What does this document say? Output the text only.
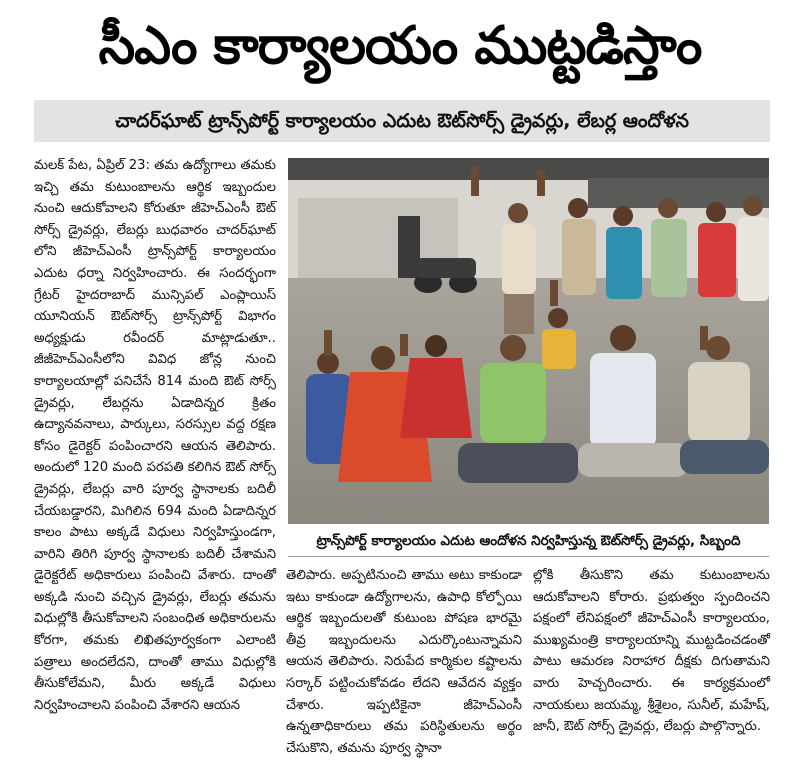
సీఎం కార్యాలయం ముట్టడిస్తాం
చాదర్‌ఘాట్ ట్రాన్స్‌పోర్ట్ కార్యాలయం ఎదుట ఔట్‌సోర్స్ డ్రైవర్లు, లేబర్ల ఆందోళన

మలక్ పేట, ఏప్రిల్ 23: తమ ఉద్యోగాలు తమకు ఇచ్చి తమ కుటుంబాలను ఆర్థిక ఇబ్బందుల నుంచి ఆదుకోవాలని కోరుతూ జీహెచ్ఎంసీ ఔట్ సోర్స్ డ్రైవర్లు, లేబర్లు బుధవారం చాదర్‌ఘాట్ లోని జీహెచ్ఎంసీ ట్రాన్స్‌పోర్ట్ కార్యాలయం ఎదుట ధర్నా నిర్వహించారు. ఈ సందర్భంగా గ్రేటర్ హైదరాబాద్ మున్సిపల్ ఎంప్లాయిస్ యూనియన్ ఔట్‌సోర్స్ ట్రాన్స్‌పోర్ట్ విభాగం అధ్యక్షుడు రవీందర్ మాట్లాడుతూ.. జీజీహెచ్ఎంసీలోని వివిధ జోన్ల నుంచి కార్యాలయాల్లో పనిచేసే 814 మంది ఔట్ సోర్స్ డ్రైవర్లు, లేబర్లను ఏడాదిన్నర క్రితం ఉద్యానవనాలు, పార్కులు, సరస్సుల వద్ద రక్షణ కోసం డైరెక్టర్ పంపించారని ఆయన తెలిపారు. అందులో 120 మంది పరపతి కలిగిన ఔట్ సోర్స్ డ్రైవర్లు, లేబర్లు వారి పూర్వ స్థానాలకు బదిలీ చేయబడ్డారని, మిగిలిన 694 మంది ఏడాదిన్నర కాలం పాటు అక్కడే విధులు నిర్వహిస్తుండగా, వారిని తిరిగి పూర్వ స్థానాలకు బదిలీ చేశామని డైరెక్టరేట్ అధికారులు పంపించి వేశారు. దాంతో అక్కడి నుంచి వచ్చిన డ్రైవర్లు, లేబర్లు తమను విధుల్లోకి తీసుకోవాలని సంబంధిత అధికారులను కోరగా, తమకు లిఖితపూర్వకంగా ఎలాంటి పత్రాలు అందలేదని, దాంతో తాము విధుల్లోకి తీసుకోలేమని, మీరు అక్కడే విధులు నిర్వహించాలని పంపించి వేశారని ఆయన

ట్రాన్స్‌పోర్ట్ కార్యాలయం ఎదుట ఆందోళన నిర్వహిస్తున్న ఔట్‌సోర్స్ డ్రైవర్లు, సిబ్బంది

తెలిపారు. అప్పటినుంచి తాము అటు కాకుండా ఇటు కాకుండా ఉద్యోగాలను, ఉపాధి కోల్పోయి ఆర్థిక ఇబ్బందులతో కుటుంబ పోషణ భారమై తీవ్ర ఇబ్బందులను ఎదుర్కొంటున్నామని ఆయన తెలిపారు. నిరుపేద కార్మికుల కష్టాలను సర్కార్ పట్టించుకోవడం లేదని ఆవేదన వ్యక్తం చేశారు. ఇప్పటికైనా జీహెచ్ఎంసీ ఉన్నతాధికారులు తమ పరిస్థితులను అర్థం చేసుకొని, తమను పూర్వ స్థానా

ల్లోకి తీసుకొని తమ కుటుంబాలను ఆదుకోవాలని కోరారు. ప్రభుత్వం స్పందించని పక్షంలో లేనిపక్షంలో జీహెచ్ఎంసీ కార్యాలయం, ముఖ్యమంత్రి కార్యాలయాన్ని ముట్టడించడంతో పాటు ఆమరణ నిరాహార దీక్షకు దిగుతామని వారు హెచ్చరించారు. ఈ కార్యక్రమంలో నాయకులు జయమ్మ, శ్రీశైలం, సునీల్, మహేష్, జానీ, ఔట్ సోర్స్ డ్రైవర్లు, లేబర్లు పాల్గొన్నారు.
